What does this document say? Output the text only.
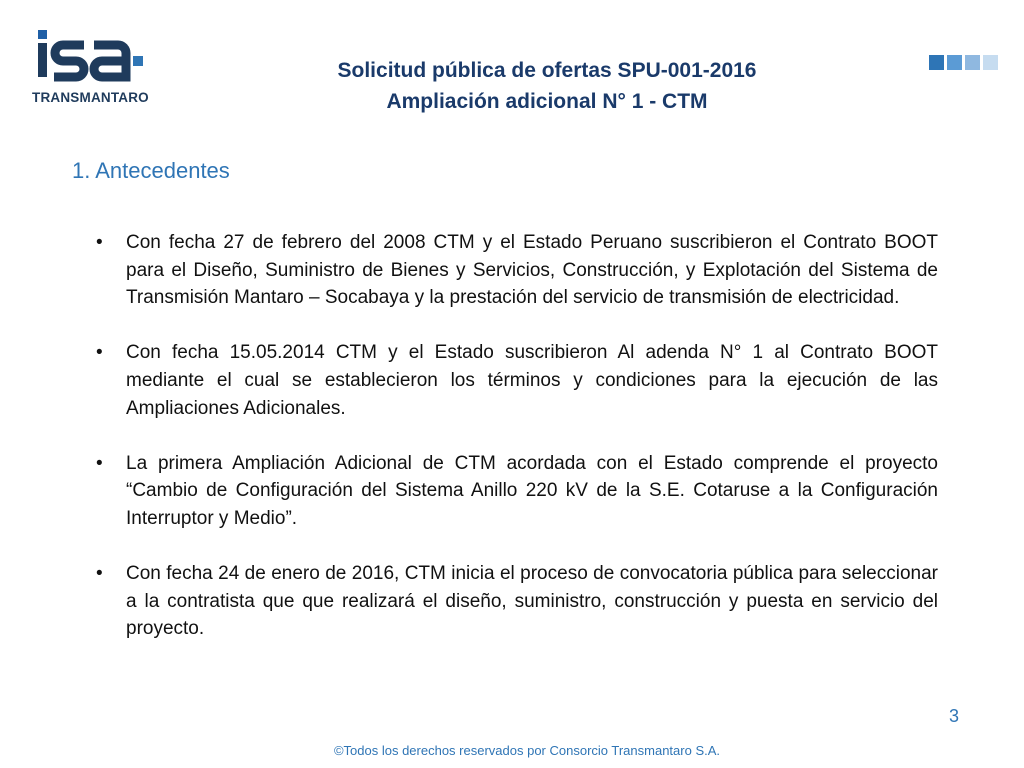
TRANSMANTARO
Solicitud pública de ofertas SPU-001-2016
Ampliación adicional N° 1 - CTM
1. Antecedentes
• Con fecha 27 de febrero del 2008 CTM y el Estado Peruano suscribieron el Contrato BOOT para el Diseño, Suministro de Bienes y Servicios, Construcción, y Explotación del Sistema de Transmisión Mantaro – Socabaya y la prestación del servicio de transmisión de electricidad.
• Con fecha 15.05.2014 CTM y el Estado suscribieron Al adenda N° 1 al Contrato BOOT mediante el cual se establecieron los términos y condiciones para la ejecución de las Ampliaciones Adicionales.
• La primera Ampliación Adicional de CTM acordada con el Estado comprende el proyecto “Cambio de Configuración del Sistema Anillo 220 kV de la S.E. Cotaruse a la Configuración Interruptor y Medio”.
• Con fecha 24 de enero de 2016, CTM inicia el proceso de convocatoria pública para seleccionar a la contratista que que realizará el diseño, suministro, construcción y puesta en servicio del proyecto.
3
©Todos los derechos reservados por Consorcio Transmantaro S.A.
